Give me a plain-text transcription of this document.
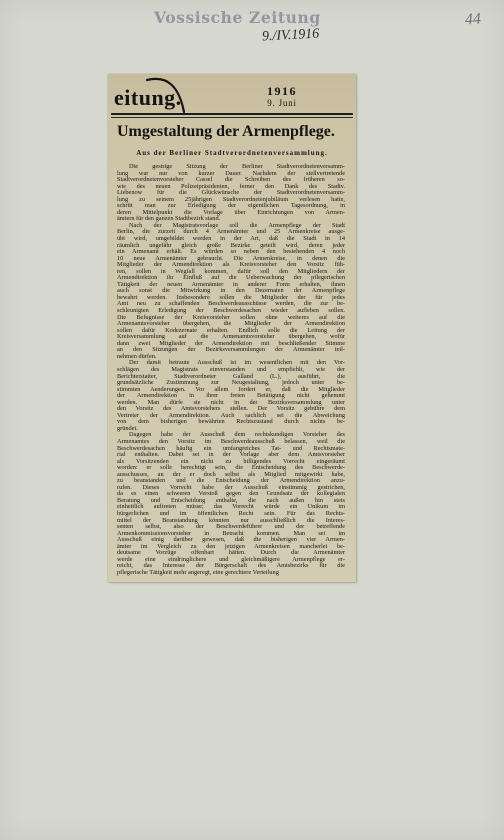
Vossische Zeitung
9./IV.1916
44
eitung.	1916
9. Juni
Umgestaltung der Armenpflege.
Aus der Berliner Stadtverordnetenversammlung.
Die gestrige Sitzung der Berliner Stadtverordnetenversamm-
lung war nur von kurzer Dauer. Nachdem der stellvertretende
Stadtverordnetenvorsteher Cassel die Schreiben des früheren so-
wie des neuen Polizeipräsidenten, ferner den Dank des Stadtv.
Liebenow für die Glückwünsche der Stadtverordnetenversamm-
lung zu seinem 25jährigen Stadtverordnetenjubiläum verlesen hatte,
schritt man zur Erledigung der eigentlichen Tagesordnung, in
deren Mittelpunkt die Vorlage über Einrichtungen von Armen-
ämtern für den ganzen Stadtbezirk stand.
Nach der Magistratsvorlage soll die Armenpflege der Stadt
Berlin, die zurzeit durch 4 Armenämter und 25 Armenkreise ausge-
übt wird, umgebildet werden in der Art, daß die Stadt in 14
räumlich ungefähr gleich große Bezirke geteilt wird, deren jeder
ein Armenamt erhält. Es würden so neben den bestehenden 4 noch
10 neue Armenämter gebraucht. Die Armenkreise, in denen die
Mitglieder der Armendirektion als Kreisvorsteher den Vorsitz füh-
ren, sollen in Wegfall kommen, dafür soll den Mitgliedern der
Armendirektion ihr Einfluß auf die Ueberwachung der pflegerischen
Tätigkeit der neuen Armenämter in anderer Form erhalten, ihnen
auch sonst die Mitwirkung in den Dezernaten der Armenpflege
bewahrt werden. Insbesondere sollen die Mitglieder der für jedes
Amt neu zu schaffenden Beschwerdeausschüsse werden, die zur be-
schleunigten Erledigung der Beschwerdesachen wieder aufleben sollen.
Die Befugnisse der Kreisvorsteher sollen ohne weiteres auf die
Armenamtsvorsteher übergehen, die Mitglieder der Armendirektion
sollen dafür Kodezernate erhalten. Endlich solle die Leitung der
Kreisversammlung auf die Armenamtsvorsteher übergehen, wofür
dann zwei Mitglieder der Armendirektion mit beschließender Stimme
an den Sitzungen der Bezirksversammlungen der Armenämter teil-
nehmen dürfen.
Der damit betraute Ausschuß ist im wesentlichen mit den Vor-
schlägen des Magistrats einverstanden und empfiehlt, wie der
Berichterstatter, Stadtverordneter Galland (L.), ausführt, die
grundsätzliche Zustimmung zur Neugestaltung, jedoch unter be-
stimmten Aenderungen. Vor allem fordert er, daß die Mitglieder
der Armendirektion in ihrer freien Betätigung nicht gehemmt
werden. Man dürfe sie nicht in der Bezirksversammlung unter
den Vorsitz des Amtsvorstehers stellen. Der Vorsitz gebühre dem
Vertreter der Armendirektion. Auch sachlich sei die Abweichung
von dem bisherigen bewährten Rechtszustand durch nichts be-
gründet.
Dagegen habe der Ausschuß dem rechtskundigen Vorsteher des
Armenamtes den Vorsitz im Beschwerdeausschuß belassen, weil die
Beschwerdesachen häufig ein umfangreiches Tat- und Rechtsmate-
rial enthalten. Dabei sei in der Vorlage aber dem Amtsvorsteher
als Vorsitzenden ein nicht zu billigendes Vorrecht eingeräumt
worden: er solle berechtigt sein, die Entscheidung des Beschwerde-
ausschusses, an der er doch selbst als Mitglied mitgewirkt habe,
zu beanstanden und die Entscheidung der Armendirektion anzu-
rufen. Dieses Vorrecht habe der Ausschuß einstimmig gestrichen,
da es einen schweren Verstoß gegen den Grundsatz der kollegialen
Beratung und Entscheidung enthalte, die nach außen hin stets
einheitlich auftreten müsse; das Vorrecht würde ein Unikum im
bürgerlichen und im öffentlichen Recht sein. Für das Rechts-
mittel der Beanstandung könnten nur ausschließlich die Interes-
senten selbst, also der Beschwerdeführer und der betreffende
Armenkommissionsvorsteher in Betracht kommen. Man sei im
Ausschuß einig darüber gewesen, daß die bisherigen vier Armen-
ämter im Vergleich zu den jetzigen Armenkreisen mancherlei be-
deutsame Vorzüge offenbart hätten. Durch die Armenämter
werde eine eindringlichere und gleichmäßigere Armenpflege er-
reicht, das Interesse der Bürgerschaft des Amtsbezirks für die
pflegerische Tätigkeit mehr angeregt, eine gerechtere Verteilung
